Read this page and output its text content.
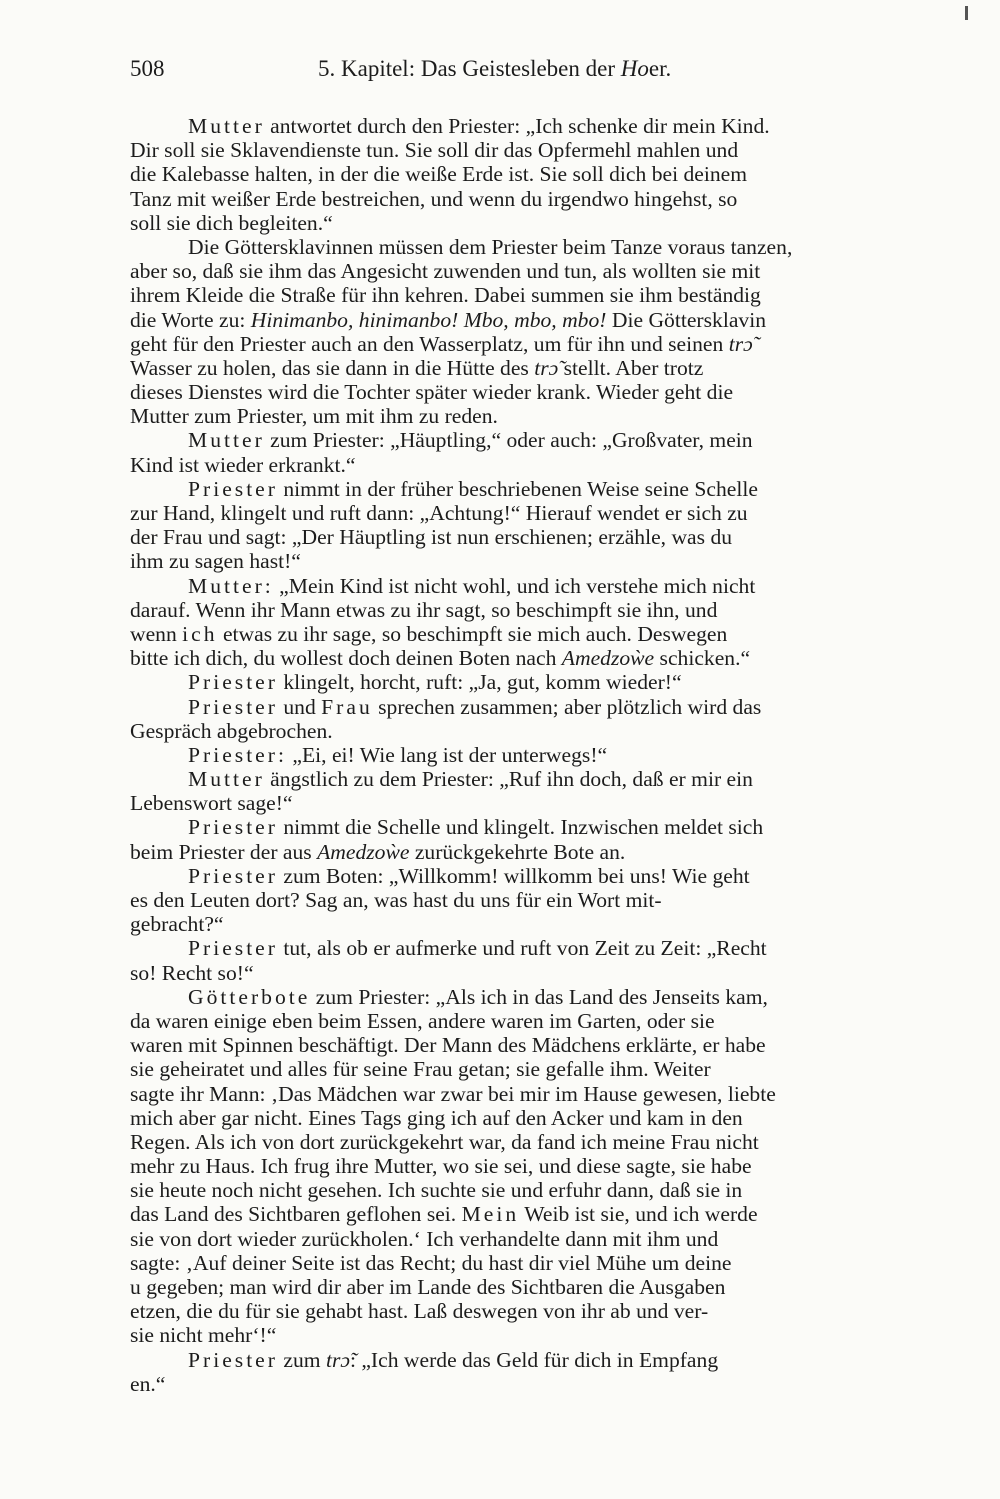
508	5. Kapitel: Das Geistesleben der Hoer.
Mutter antwortet durch den Priester: „Ich schenke dir mein Kind.
Dir soll sie Sklavendienste tun. Sie soll dir das Opfermehl mahlen und
die Kalebasse halten, in der die weiße Erde ist. Sie soll dich bei deinem
Tanz mit weißer Erde bestreichen, und wenn du irgendwo hingehst, so
soll sie dich begleiten.“
Die Göttersklavinnen müssen dem Priester beim Tanze voraus tanzen,
aber so, daß sie ihm das Angesicht zuwenden und tun, als wollten sie mit
ihrem Kleide die Straße für ihn kehren. Dabei summen sie ihm beständig
die Worte zu: Hinimanbo, hinimanbo! Mbo, mbo, mbo! Die Göttersklavin
geht für den Priester auch an den Wasserplatz, um für ihn und seinen trɔ̃
Wasser zu holen, das sie dann in die Hütte des trɔ̃ stellt. Aber trotz
dieses Dienstes wird die Tochter später wieder krank. Wieder geht die
Mutter zum Priester, um mit ihm zu reden.
Mutter zum Priester: „Häuptling,“ oder auch: „Großvater, mein
Kind ist wieder erkrankt.“
Priester nimmt in der früher beschriebenen Weise seine Schelle
zur Hand, klingelt und ruft dann: „Achtung!“ Hierauf wendet er sich zu
der Frau und sagt: „Der Häuptling ist nun erschienen; erzähle, was du
ihm zu sagen hast!“
Mutter: „Mein Kind ist nicht wohl, und ich verstehe mich nicht
darauf. Wenn ihr Mann etwas zu ihr sagt, so beschimpft sie ihn, und
wenn ich etwas zu ihr sage, so beschimpft sie mich auch. Deswegen
bitte ich dich, du wollest doch deinen Boten nach Amedzoẁe schicken.“
Priester klingelt, horcht, ruft: „Ja, gut, komm wieder!“
Priester und Frau sprechen zusammen; aber plötzlich wird das
Gespräch abgebrochen.
Priester: „Ei, ei! Wie lang ist der unterwegs!“
Mutter ängstlich zu dem Priester: „Ruf ihn doch, daß er mir ein
Lebenswort sage!“
Priester nimmt die Schelle und klingelt. Inzwischen meldet sich
beim Priester der aus Amedzoẁe zurückgekehrte Bote an.
Priester zum Boten: „Willkomm! willkomm bei uns! Wie geht
es den Leuten dort? Sag an, was hast du uns für ein Wort mit-
gebracht?“
Priester tut, als ob er aufmerke und ruft von Zeit zu Zeit: „Recht
so! Recht so!“
Götterbote zum Priester: „Als ich in das Land des Jenseits kam,
da waren einige eben beim Essen, andere waren im Garten, oder sie
waren mit Spinnen beschäftigt. Der Mann des Mädchens erklärte, er habe
sie geheiratet und alles für seine Frau getan; sie gefalle ihm. Weiter
sagte ihr Mann: ‚Das Mädchen war zwar bei mir im Hause gewesen, liebte
mich aber gar nicht. Eines Tags ging ich auf den Acker und kam in den
Regen. Als ich von dort zurückgekehrt war, da fand ich meine Frau nicht
mehr zu Haus. Ich frug ihre Mutter, wo sie sei, und diese sagte, sie habe
sie heute noch nicht gesehen. Ich suchte sie und erfuhr dann, daß sie in
das Land des Sichtbaren geflohen sei. Mein Weib ist sie, und ich werde
sie von dort wieder zurückholen.‘ Ich verhandelte dann mit ihm und
sagte: ‚Auf deiner Seite ist das Recht; du hast dir viel Mühe um deine
u gegeben; man wird dir aber im Lande des Sichtbaren die Ausgaben
etzen, die du für sie gehabt hast. Laß deswegen von ihr ab und ver-
sie nicht mehr‘!“
Priester zum trɔ̃: „Ich werde das Geld für dich in Empfang
en.“
